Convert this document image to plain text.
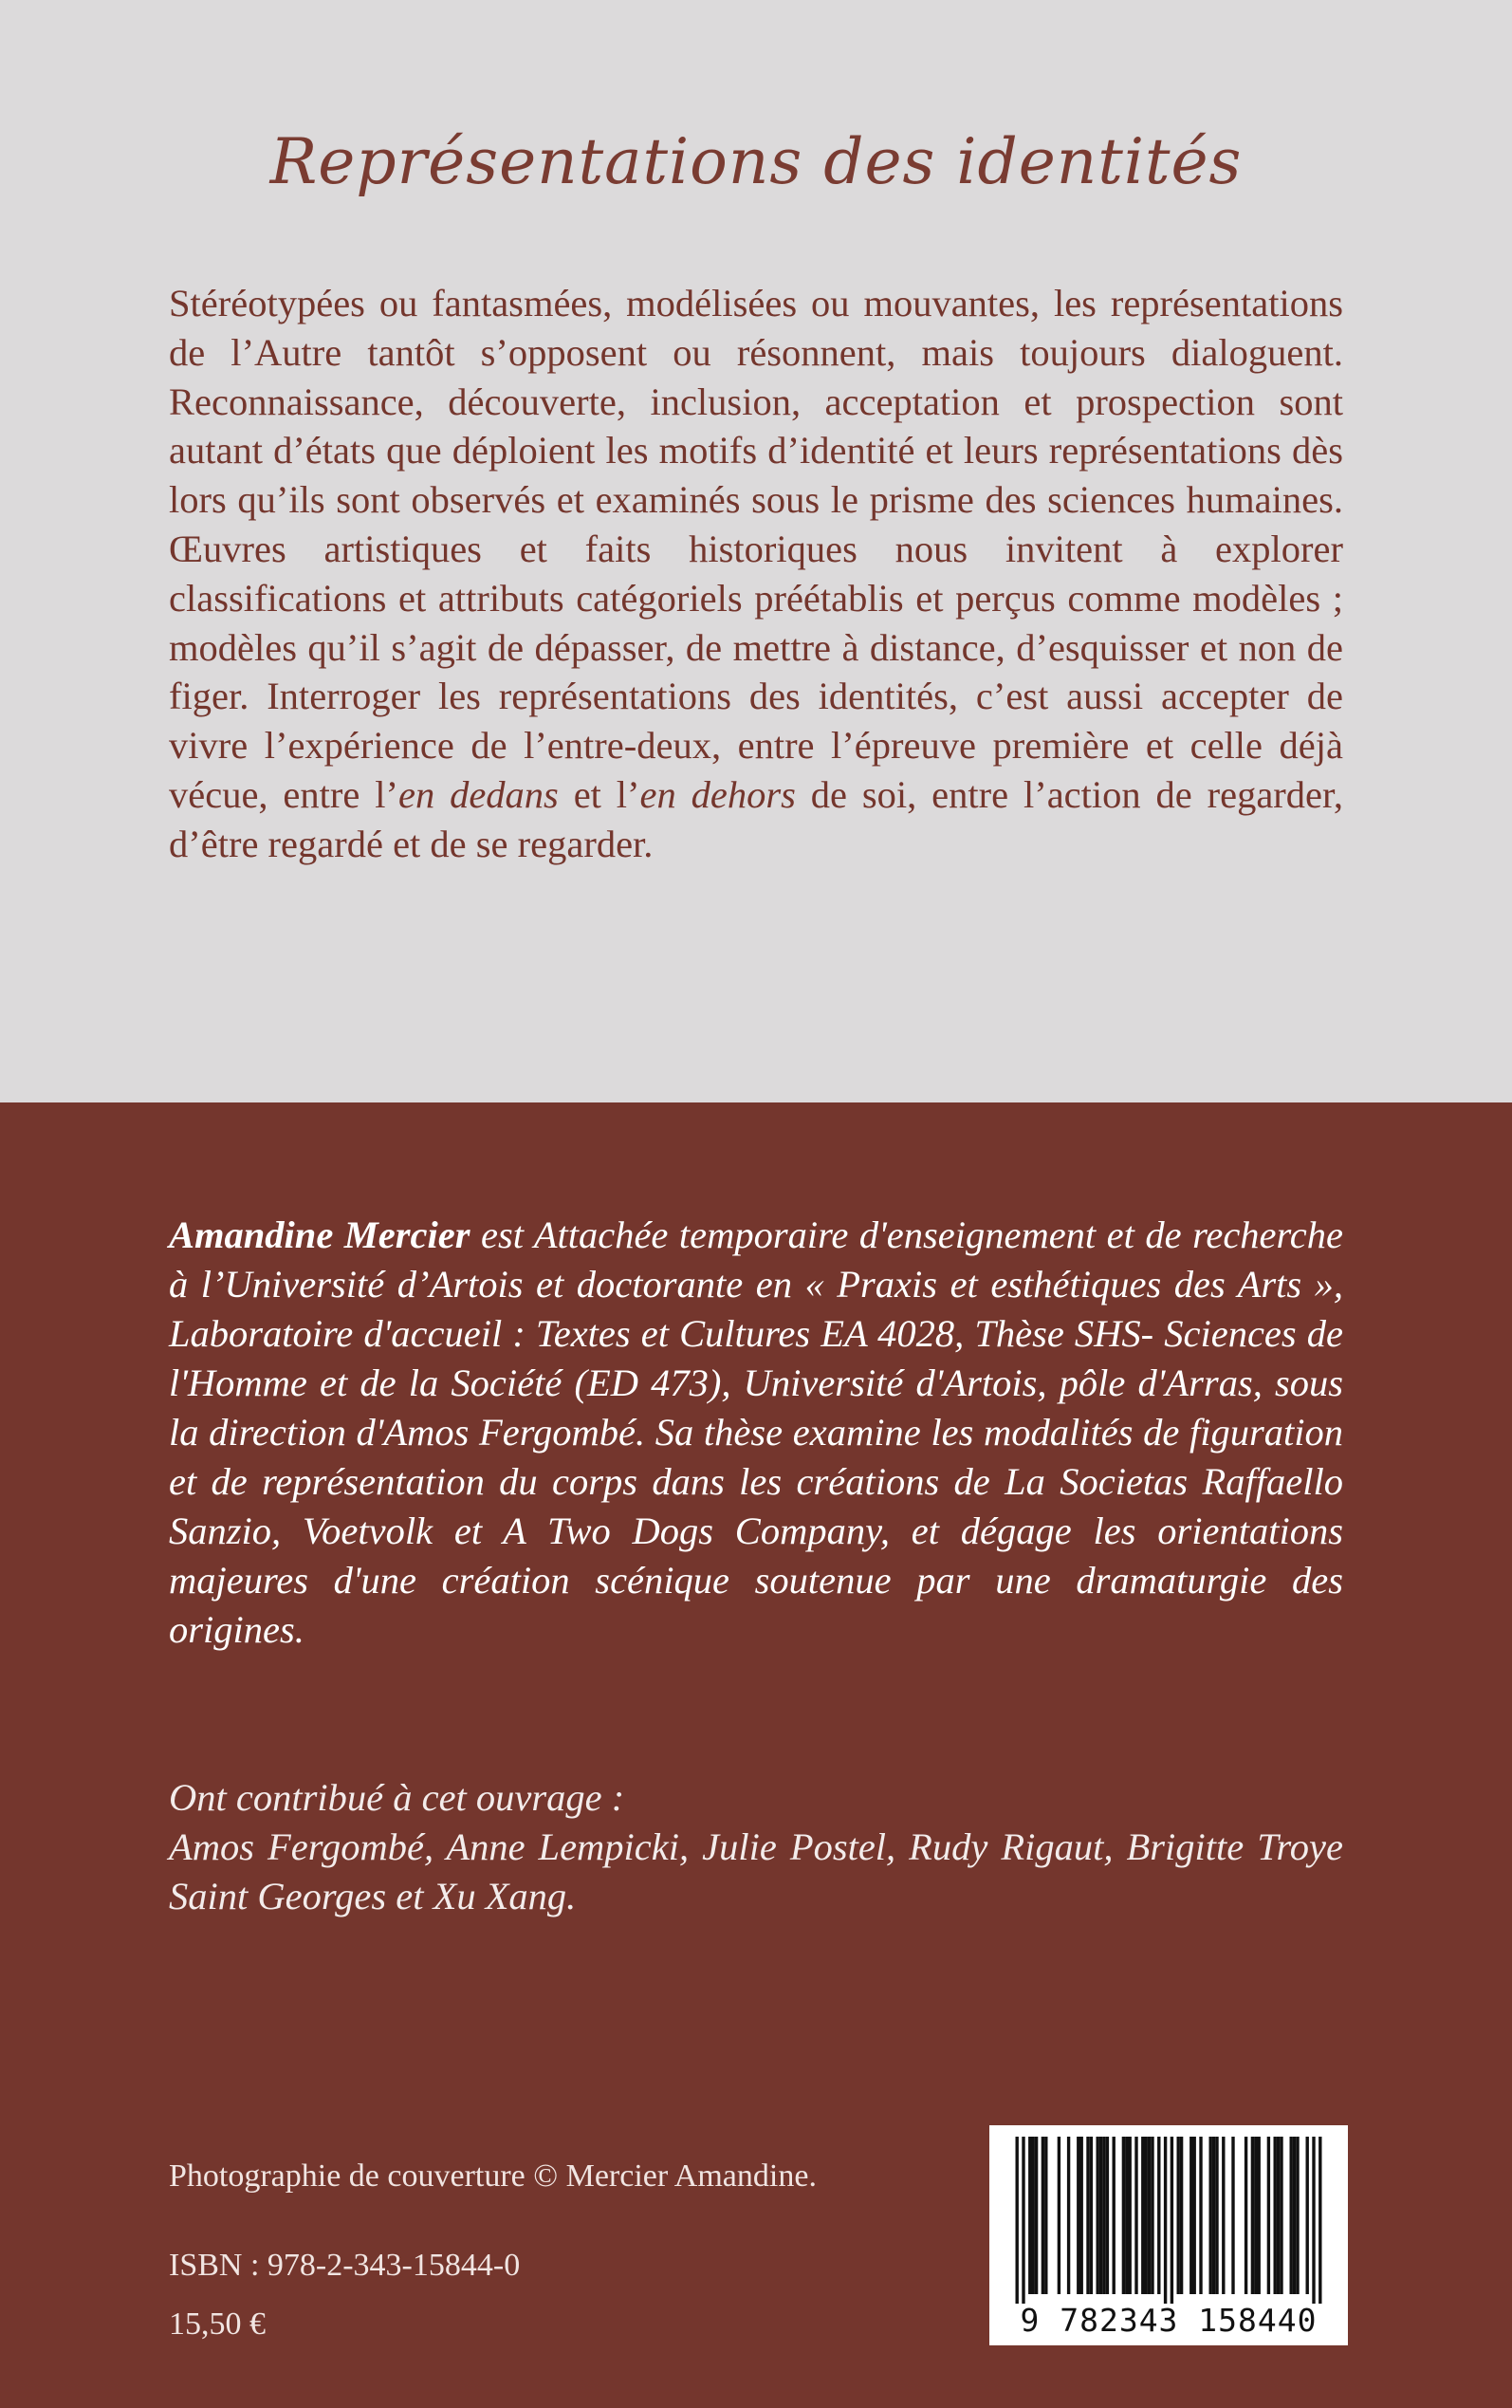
Représentations des identités

Stéréotypées ou fantasmées, modélisées ou mouvantes, les représentations de l’Autre tantôt s’opposent ou résonnent, mais toujours dialoguent. Reconnaissance, découverte, inclusion, acceptation et prospection sont autant d’états que déploient les motifs d’identité et leurs représentations dès lors qu’ils sont observés et examinés sous le prisme des sciences humaines. Œuvres artistiques et faits historiques nous invitent à explorer classifications et attributs catégoriels préétablis et perçus comme modèles ; modèles qu’il s’agit de dépasser, de mettre à distance, d’esquisser et non de figer. Interroger les représentations des identités, c’est aussi accepter de vivre l’expérience de l’entre-deux, entre l’épreuve première et celle déjà vécue, entre l’en dedans et l’en dehors de soi, entre l’action de regarder, d’être regardé et de se regarder.

Amandine Mercier est Attachée temporaire d'enseignement et de recherche à l’Université d’Artois et doctorante en « Praxis et esthétiques des Arts », Laboratoire d'accueil : Textes et Cultures EA 4028, Thèse SHS- Sciences de l'Homme et de la Société (ED 473), Université d'Artois, pôle d'Arras, sous la direction d'Amos Fergombé. Sa thèse examine les modalités de figuration et de représentation du corps dans les créations de La Societas Raffaello Sanzio, Voetvolk et A Two Dogs Company, et dégage les orientations majeures d'une création scénique soutenue par une dramaturgie des origines.

Ont contribué à cet ouvrage :

Amos Fergombé, Anne Lempicki, Julie Postel, Rudy Rigaut, Brigitte Troye Saint Georges et Xu Xang.

Photographie de couverture © Mercier Amandine.
ISBN : 978-2-343-15844-0
15,50 €	9 782343 158440
